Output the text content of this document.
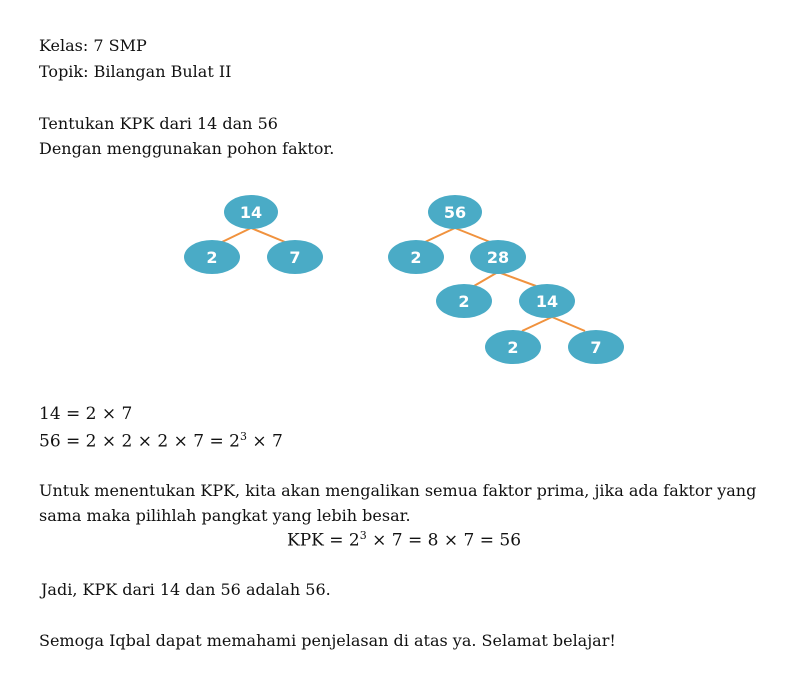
Kelas: 7 SMP
Topik: Bilangan Bulat II
Tentukan KPK dari 14 dan 56
Dengan menggunakan pohon faktor.
14
2	7
56
2	28
2	14
2	7
14 = 2 × 7
$56 = 2 \times 2 \times 2 \times 7 = 2^3 \times 7$
Untuk menentukan KPK, kita akan mengalikan semua faktor prima, jika ada faktor yang
sama maka pilihlah pangkat yang lebih besar.
KPK = $2^3 \times 7 = 8 \times 7 = 56$
Jadi, KPK dari 14 dan 56 adalah 56.
Semoga Iqbal dapat memahami penjelasan di atas ya. Selamat belajar!
